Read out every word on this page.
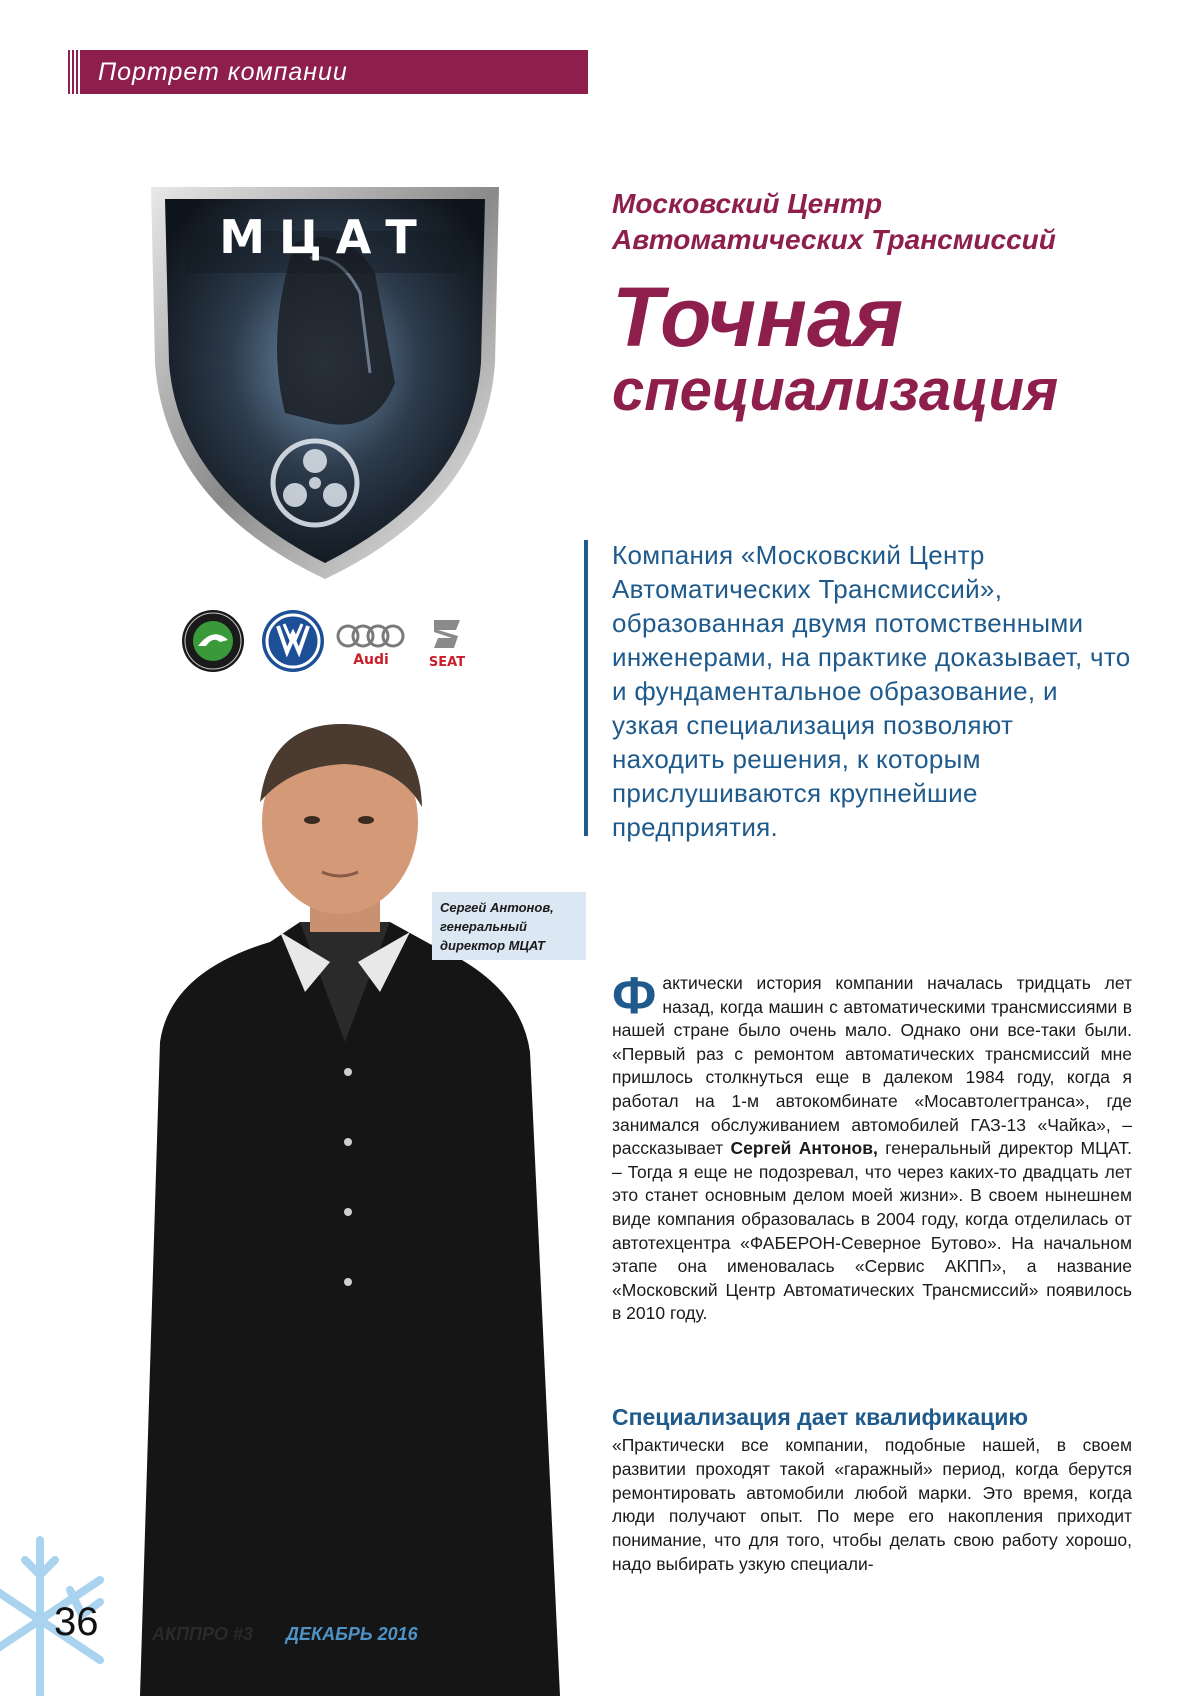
Портрет компании
МЦАТ
Audi	SEAT
Московский Центр
Автоматических Трансмиссий
Точная
специализация
Компания «Московский Центр Автоматических Трансмиссий», образованная двумя потомственными инженерами, на практике доказывает, что и фундаментальное образование, и узкая специализация позволяют находить решения, к которым прислушиваются крупнейшие предприятия.
Сергей Антонов, генеральный директор МЦАТ
Фактически история компании началась тридцать лет назад, когда машин с автоматическими трансмиссиями в нашей стране было очень мало. Однако они все-таки были. «Первый раз с ремонтом автоматических трансмиссий мне пришлось столкнуться еще в далеком 1984 году, когда я работал на 1-м автокомбинате «Мосавтолегтранса», где занимался обслуживанием автомобилей ГАЗ-13 «Чайка», – рассказывает Сергей Антонов, генеральный директор МЦАТ. – Тогда я еще не подозревал, что через каких-то двадцать лет это станет основным делом моей жизни». В своем нынешнем виде компания образовалась в 2004 году, когда отделилась от автотехцентра «ФАБЕРОН-Северное Бутово». На начальном этапе она именовалась «Сервис АКПП», а название «Московский Центр Автоматических Трансмиссий» появилось в 2010 году.
Специализация дает квалификацию
«Практически все компании, подобные нашей, в своем развитии проходят такой «гаражный» период, когда берутся ремонтировать автомобили любой марки. Это время, когда люди получают опыт. По мере его накопления приходит понимание, что для того, чтобы делать свою работу хорошо, надо выбирать узкую специали-
36	АКППРО #3 ДЕКАБРЬ 2016
